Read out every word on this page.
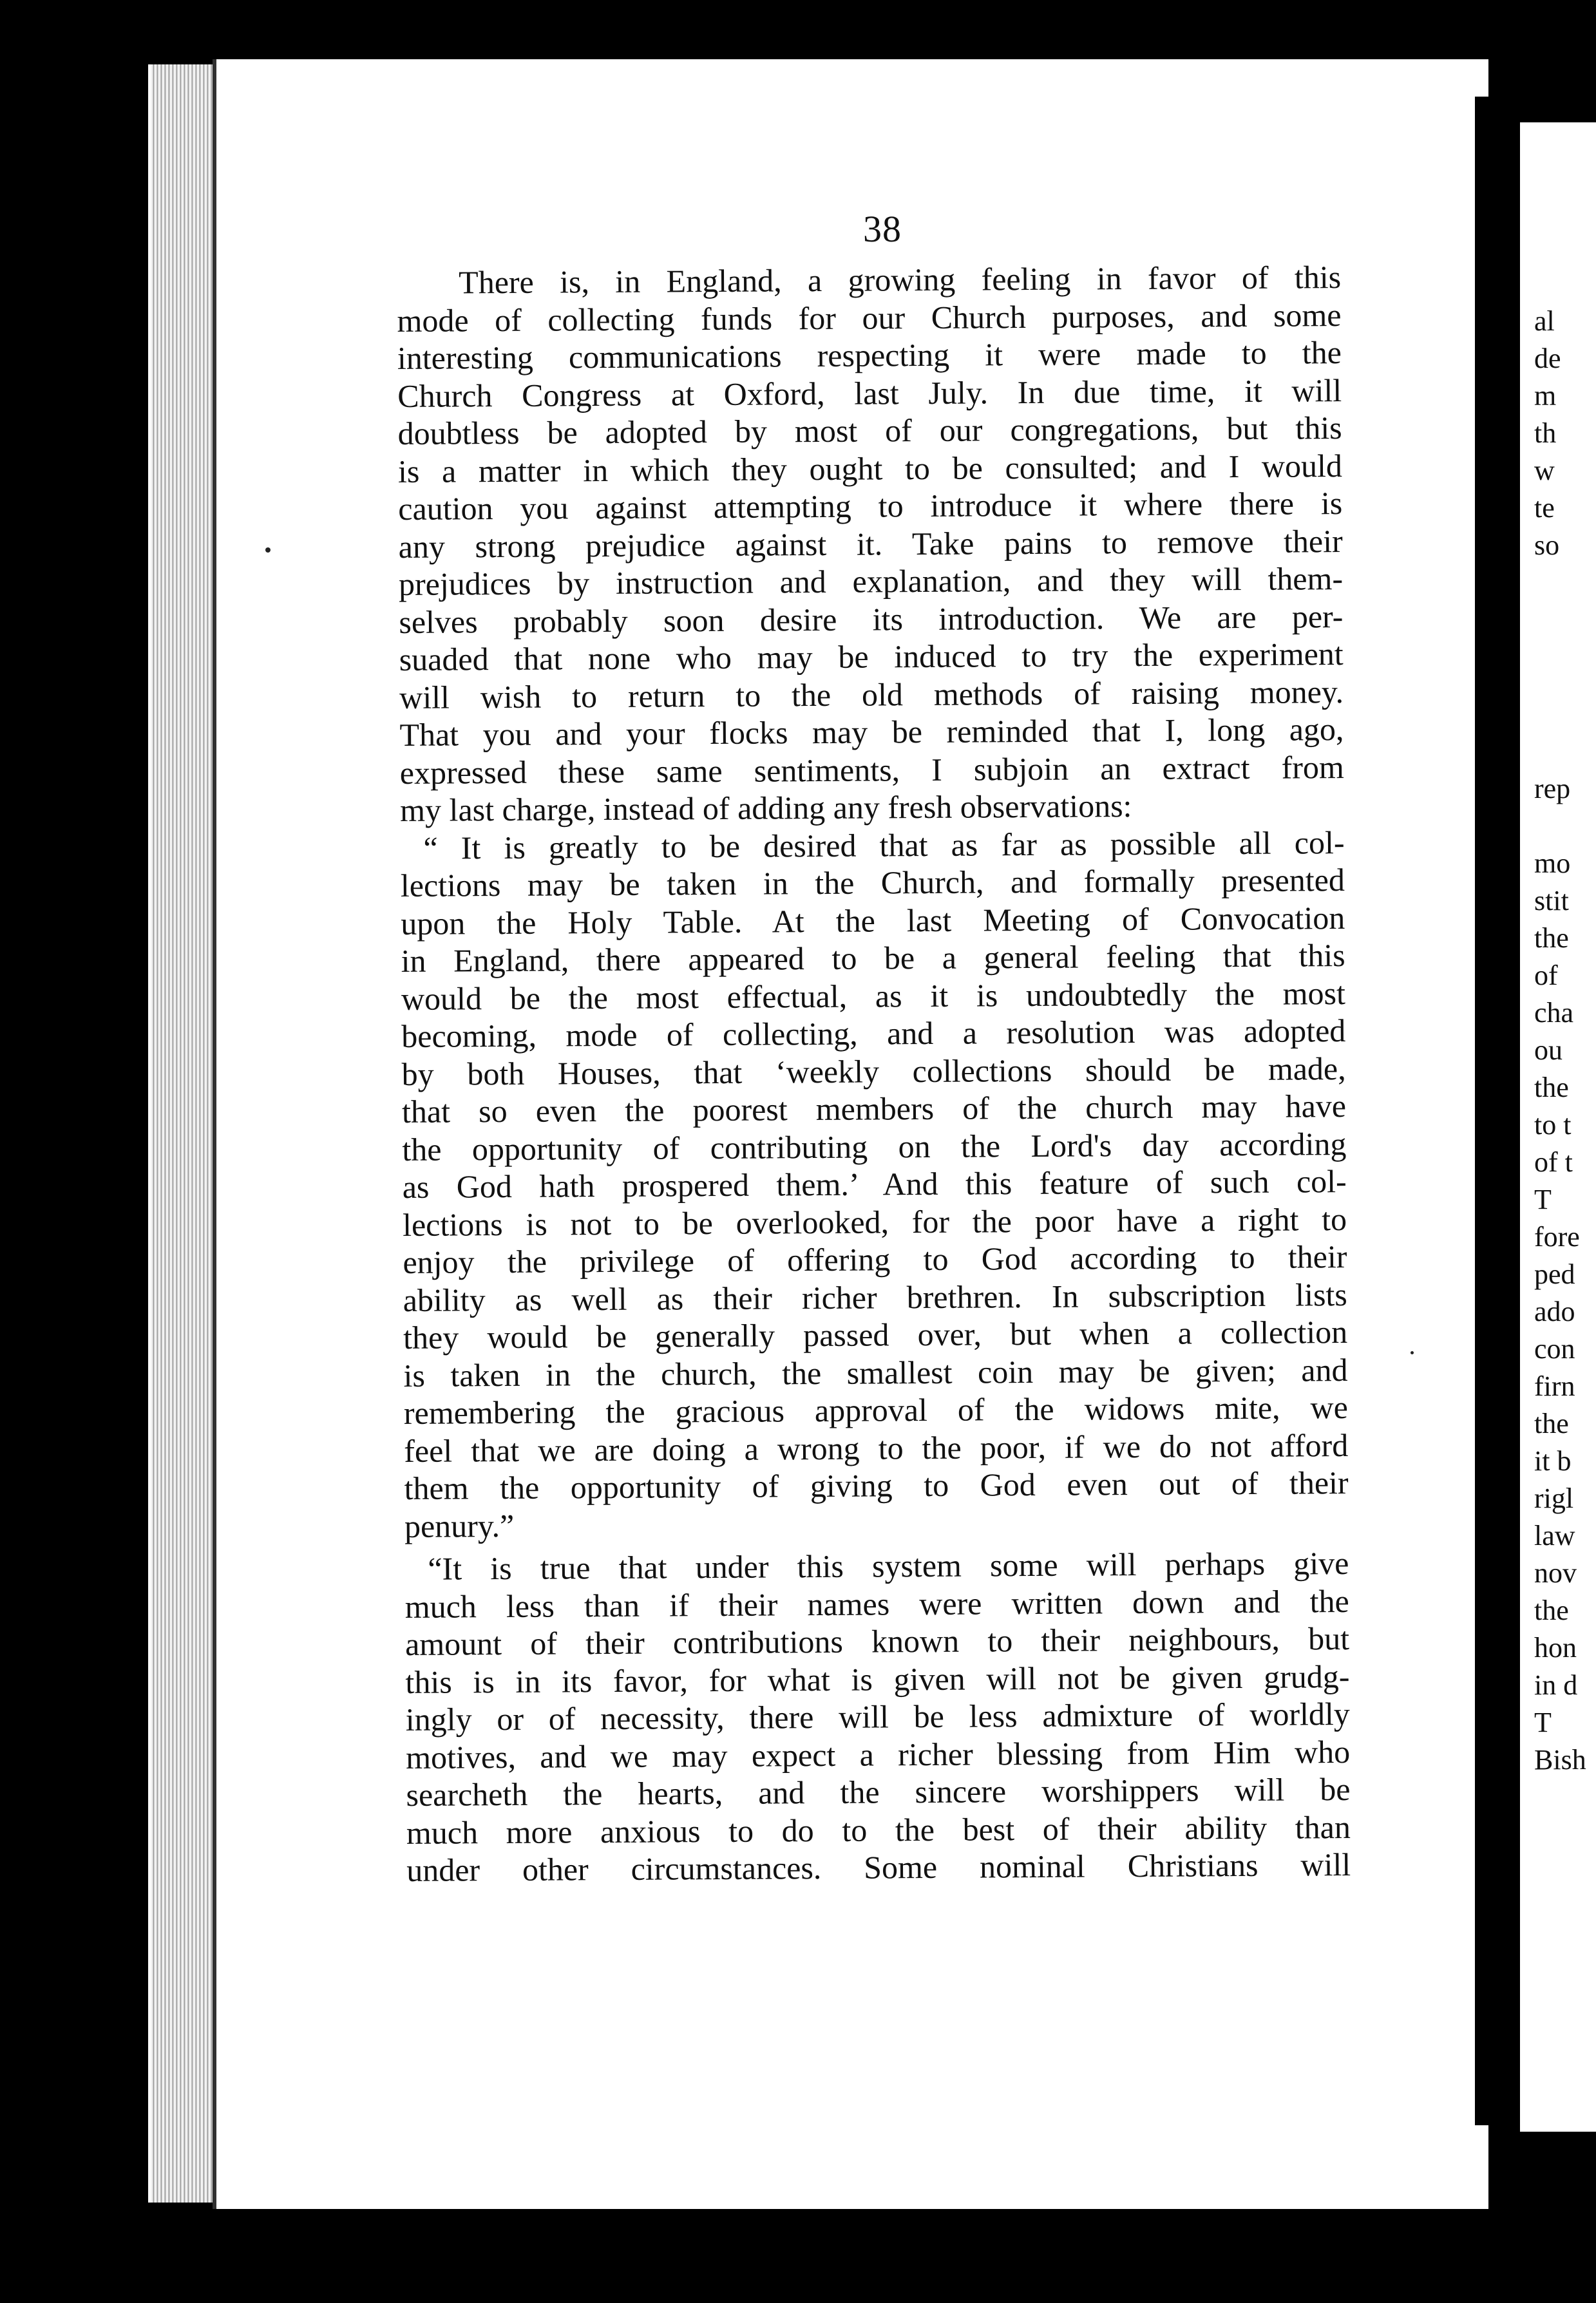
38
There is, in England, a growing feeling in favor of this
mode of collecting funds for our Church purposes, and some
interesting communications respecting it were made to the
Church Congress at Oxford, last July. In due time, it will
doubtless be adopted by most of our congregations, but this
is a matter in which they ought to be consulted; and I would
caution you against attempting to introduce it where there is
any strong prejudice against it. Take pains to remove their
prejudices by instruction and explanation, and they will them-
selves probably soon desire its introduction. We are per-
suaded that none who may be induced to try the experiment
will wish to return to the old methods of raising money.
That you and your flocks may be reminded that I, long ago,
expressed these same sentiments, I subjoin an extract from
my last charge, instead of adding any fresh observations:
“ It is greatly to be desired that as far as possible all col-
lections may be taken in the Church, and formally presented
upon the Holy Table. At the last Meeting of Convocation
in England, there appeared to be a general feeling that this
would be the most effectual, as it is undoubtedly the most
becoming, mode of collecting, and a resolution was adopted
by both Houses, that ‘weekly collections should be made,
that so even the poorest members of the church may have
the opportunity of contributing on the Lord's day according
as God hath prospered them.’ And this feature of such col-
lections is not to be overlooked, for the poor have a right to
enjoy the privilege of offering to God according to their
ability as well as their richer brethren. In subscription lists
they would be generally passed over, but when a collection
is taken in the church, the smallest coin may be given; and
remembering the gracious approval of the widows mite, we
feel that we are doing a wrong to the poor, if we do not afford
them the opportunity of giving to God even out of their
penury.”
“It is true that under this system some will perhaps give
much less than if their names were written down and the
amount of their contributions known to their neighbours, but
this is in its favor, for what is given will not be given grudg-
ingly or of necessity, there will be less admixture of worldly
motives, and we may expect a richer blessing from Him who
searcheth the hearts, and the sincere worshippers will be
much more anxious to do to the best of their ability than
under other circumstances. Some nominal Christians will
al
de
m
th
w
te
so
rep
mo
stit
the
of
cha
ou
the
to t
of t
T
fore
ped
ado
con
firn
the
it b
rigl
law
nov
the
hon
in d
T
Bish
